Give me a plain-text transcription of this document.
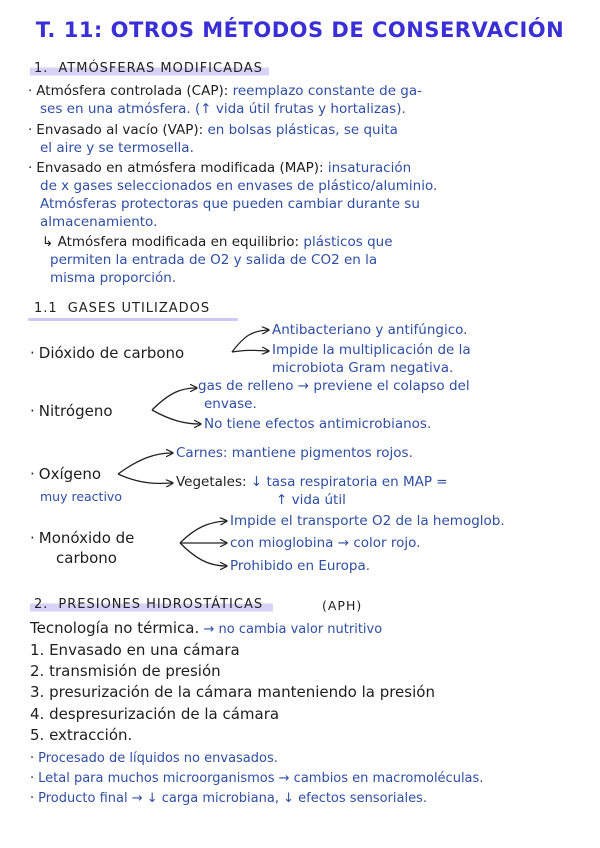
T. 11: OTROS MÉTODOS DE CONSERVACIÓN
1. ATMÓSFERAS MODIFICADAS
· Atmósfera controlada (CAP): reemplazo constante de ga-
ses en una atmósfera. (↑ vida útil frutas y hortalizas).
· Envasado al vacío (VAP): en bolsas plásticas, se quita
el aire y se termosella.
· Envasado en atmósfera modificada (MAP): insaturación
de x gases seleccionados en envases de plástico/aluminio.
Atmósferas protectoras que pueden cambiar durante su
almacenamiento.
↳ Atmósfera modificada en equilibrio: plásticos que
permiten la entrada de O2 y salida de CO2 en la
misma proporción.
1.1 GASES UTILIZADOS
· Dióxido de carbono
Antibacteriano y antifúngico.
Impide la multiplicación de la
microbiota Gram negativa.
· Nitrógeno
gas de relleno → previene el colapso del
envase.
No tiene efectos antimicrobianos.
· Oxígeno
muy reactivo
Carnes: mantiene pigmentos rojos.
Vegetales: ↓ tasa respiratoria en MAP =
↑ vida útil
· Monóxido de
carbono
Impide el transporte O2 de la hemoglob.
con mioglobina → color rojo.
Prohibido en Europa.
2. PRESIONES HIDROSTÁTICAS	(APH)
Tecnología no térmica. → no cambia valor nutritivo
1. Envasado en una cámara
2. transmisión de presión
3. presurización de la cámara manteniendo la presión
4. despresurización de la cámara
5. extracción.
· Procesado de líquidos no envasados.
· Letal para muchos microorganismos → cambios en macromoléculas.
· Producto final → ↓ carga microbiana, ↓ efectos sensoriales.
